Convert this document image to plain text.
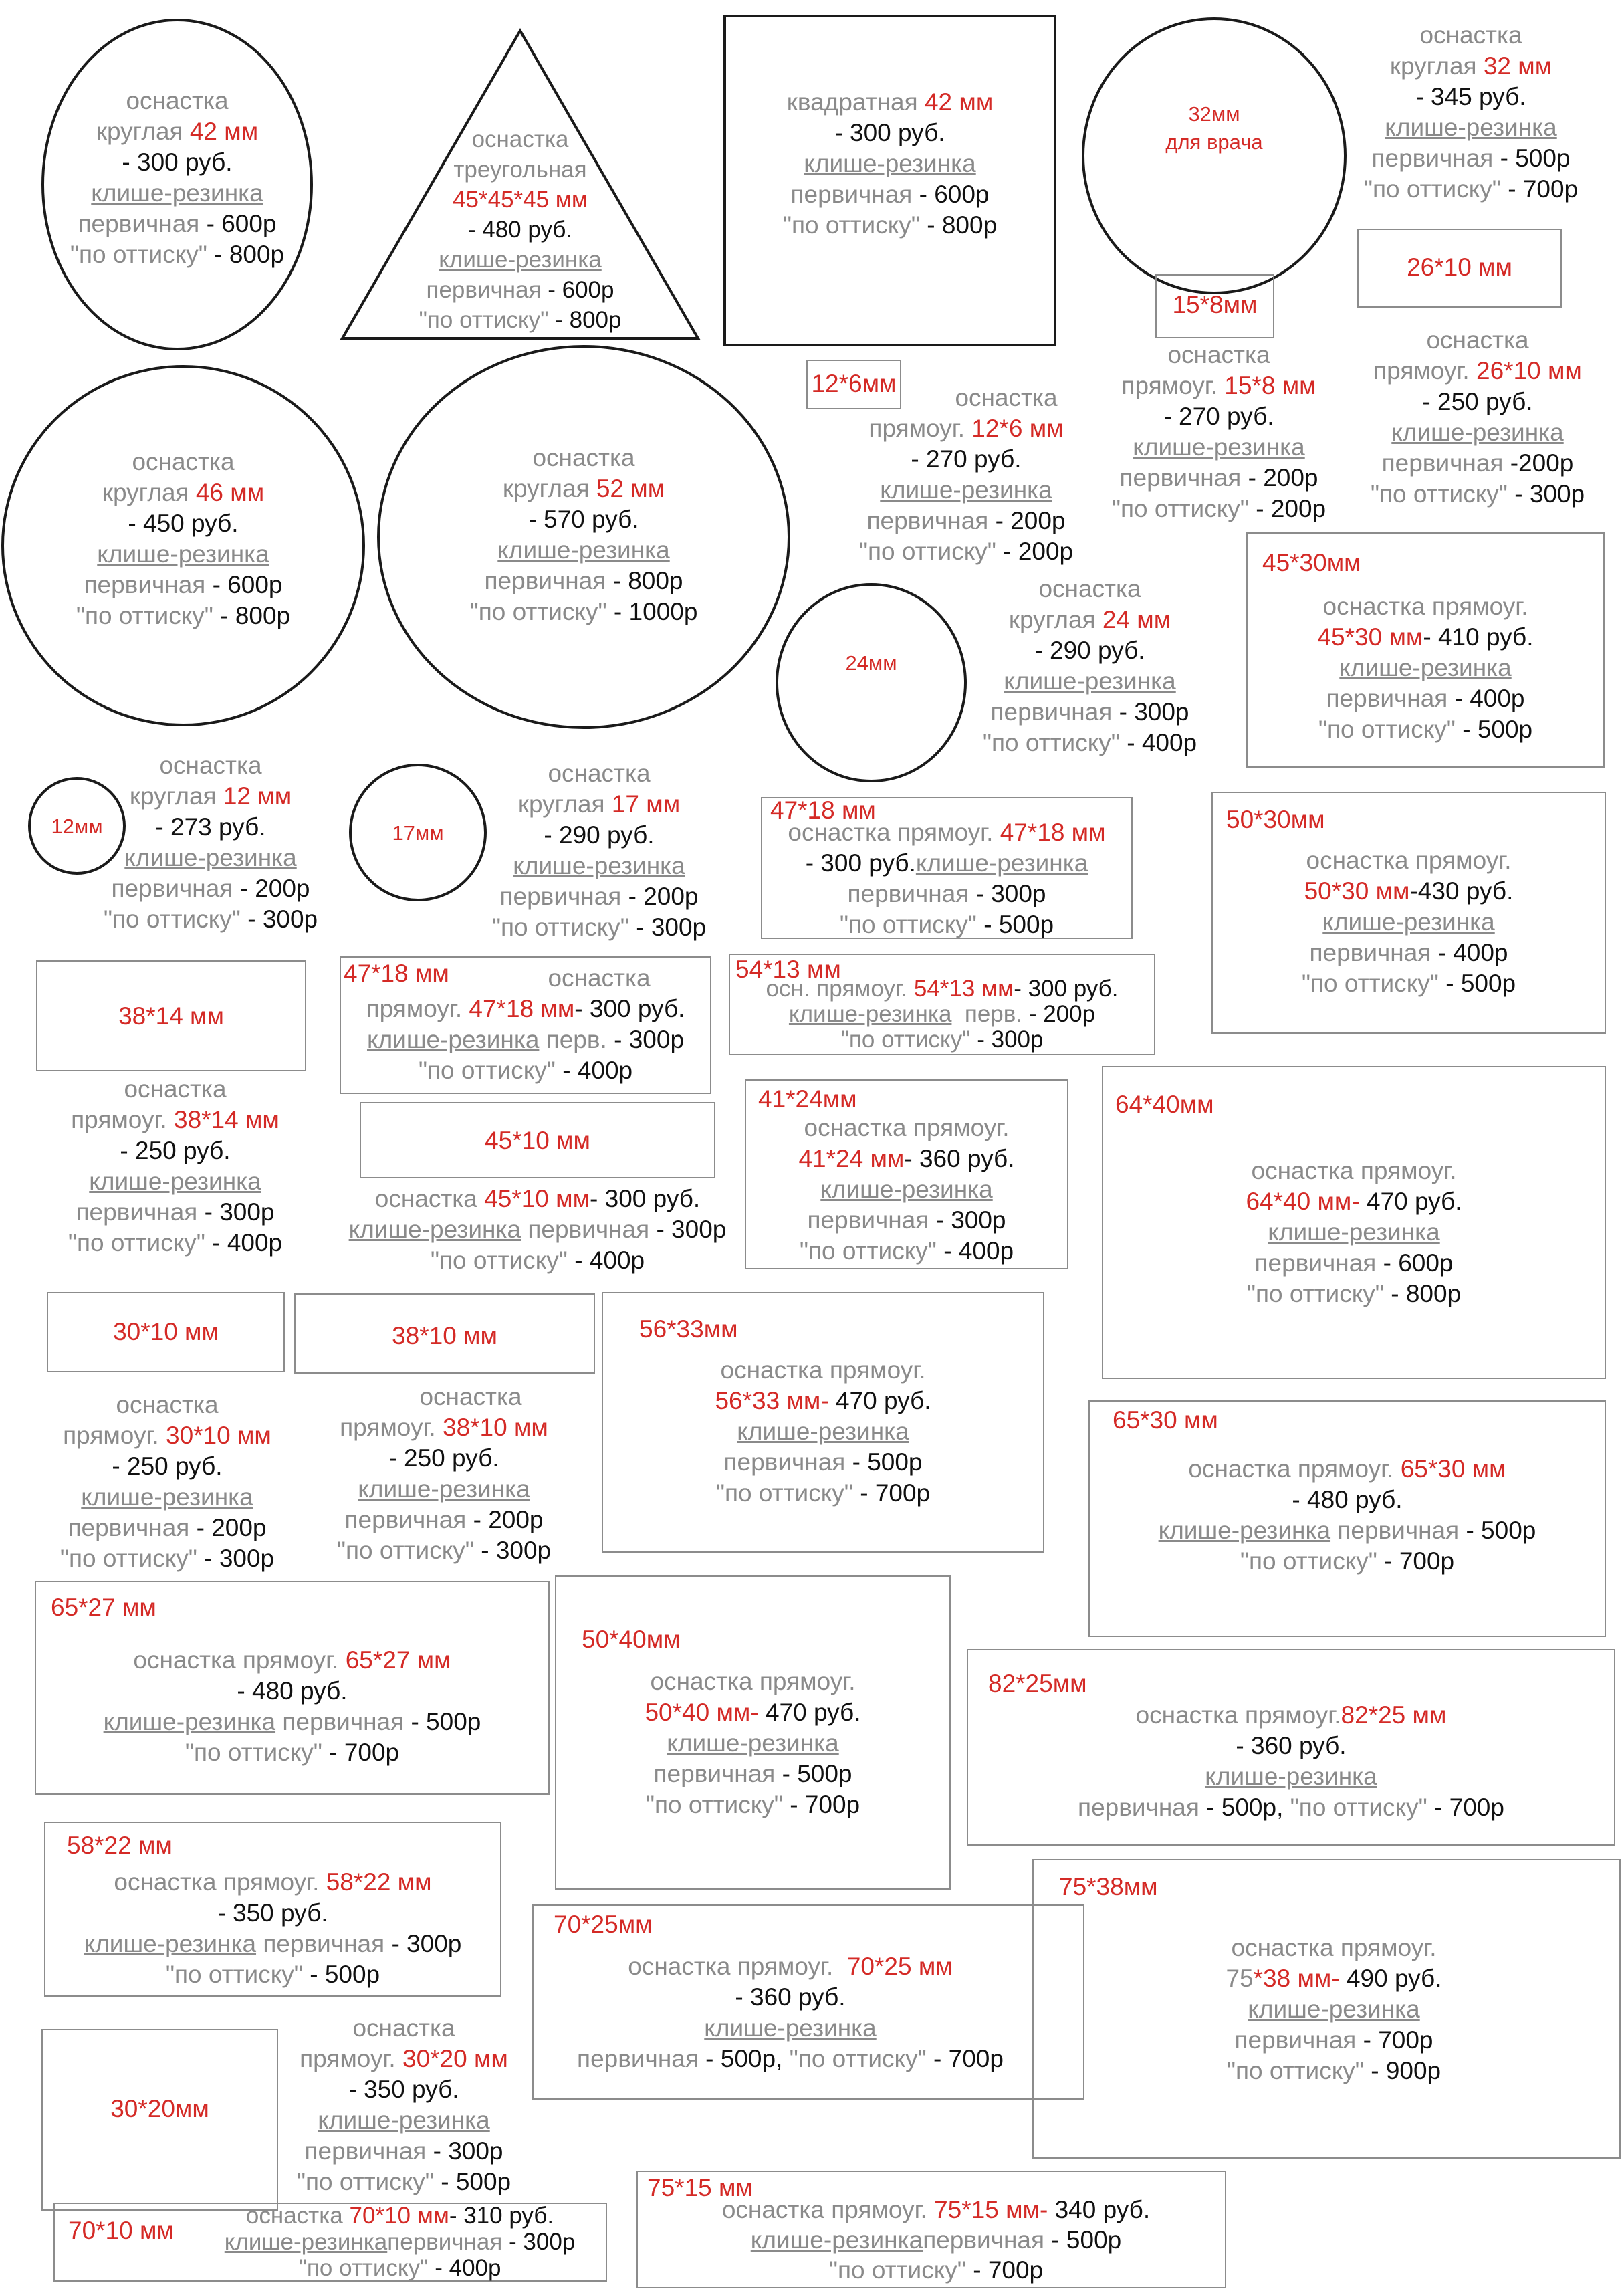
32мм
для врача
26*10 мм
15*8мм
12*6мм
24мм
45*30мм
12мм	17мм
47*18 мм	50*30мм
38*14 мм
47*18 мм	54*13 мм
45*10 мм
41*24мм	64*40мм
30*10 мм	38*10 мм	56*33мм
65*30 мм
65*27 мм
50*40мм
82*25мм
58*22 мм
75*38мм
70*25мм
30*20мм
70*10 мм
75*15 мм
оснастка
круглая 42 мм
- 300 руб.
клише-резинка
первичная - 600р
"по оттиску" - 800р
оснастка
треугольная
45*45*45 мм
- 480 руб.
клише-резинка
первичная - 600р
"по оттиску" - 800р
квадратная 42 мм
- 300 руб.
клише-резинка
первичная - 600р
"по оттиску" - 800р
оснастка
круглая 32 мм
- 345 руб.
клише-резинка
первичная - 500р
"по оттиску" - 700р
оснастка
прямоуг. 26*10 мм
- 250 руб.
клише-резинка
первичная -200р
"по оттиску" - 300р
оснастка
прямоуг. 15*8 мм
- 270 руб.
клише-резинка
первичная - 200р
"по оттиску" - 200р
оснастка
прямоуг. 12*6 мм
- 270 руб.
клише-резинка
первичная - 200р
"по оттиску" - 200р
оснастка
круглая 46 мм
- 450 руб.
клише-резинка
первичная - 600р
"по оттиску" - 800р
оснастка
круглая 52 мм
- 570 руб.
клише-резинка
первичная - 800р
"по оттиску" - 1000р
оснастка
круглая 24 мм
- 290 руб.
клише-резинка
первичная - 300р
"по оттиску" - 400р
оснастка прямоуг.
45*30 мм- 410 руб.
клише-резинка
первичная - 400р
"по оттиску" - 500р
оснастка
круглая 12 мм
- 273 руб.
клише-резинка
первичная - 200р
"по оттиску" - 300р
оснастка
круглая 17 мм
- 290 руб.
клише-резинка
первичная - 200р
"по оттиску" - 300р
оснастка прямоуг. 47*18 мм
- 300 руб.клише-резинка
первичная - 300р
"по оттиску" - 500р
оснастка прямоуг.
50*30 мм-430 руб.
клише-резинка
первичная - 400р
"по оттиску" - 500р
оснастка
прямоуг. 38*14 мм
- 250 руб.
клише-резинка
первичная - 300р
"по оттиску" - 400р
оснастка
прямоуг. 47*18 мм- 300 руб.
клише-резинка перв. - 300р
"по оттиску" - 400р
осн. прямоуг. 54*13 мм- 300 руб.
клише-резинка перв. - 200р
"по оттиску" - 300р
оснастка 45*10 мм- 300 руб.
клише-резинка первичная - 300р
"по оттиску" - 400р
оснастка прямоуг.
41*24 мм- 360 руб.
клише-резинка
первичная - 300р
"по оттиску" - 400р
оснастка прямоуг.
64*40 мм- 470 руб.
клише-резинка
первичная - 600р
"по оттиску" - 800р
оснастка
прямоуг. 30*10 мм
- 250 руб.
клише-резинка
первичная - 200р
"по оттиску" - 300р
оснастка
прямоуг. 38*10 мм
- 250 руб.
клише-резинка
первичная - 200р
"по оттиску" - 300р
оснастка прямоуг.
56*33 мм- 470 руб.
клише-резинка
первичная - 500р
"по оттиску" - 700р
оснастка прямоуг. 65*30 мм
- 480 руб.
клише-резинка первичная - 500р
"по оттиску" - 700р
оснастка прямоуг. 65*27 мм
- 480 руб.
клише-резинка первичная - 500р
"по оттиску" - 700р
оснастка прямоуг.
50*40 мм- 470 руб.
клише-резинка
первичная - 500р
"по оттиску" - 700р
оснастка прямоуг.82*25 мм
- 360 руб.
клише-резинка
первичная - 500р, "по оттиску" - 700р
оснастка прямоуг. 58*22 мм
- 350 руб.
клише-резинка первичная - 300р
"по оттиску" - 500р
оснастка прямоуг.
75*38 мм- 490 руб.
клише-резинка
первичная - 700р
"по оттиску" - 900р
оснастка прямоуг. 70*25 мм
- 360 руб.
клише-резинка
первичная - 500р, "по оттиску" - 700р
оснастка
прямоуг. 30*20 мм
- 350 руб.
клише-резинка
первичная - 300р
"по оттиску" - 500р
оснастка 70*10 мм- 310 руб.
клише-резинкапервичная - 300р
"по оттиску" - 400р
оснастка прямоуг. 75*15 мм- 340 руб.
клише-резинкапервичная - 500р
"по оттиску" - 700р
